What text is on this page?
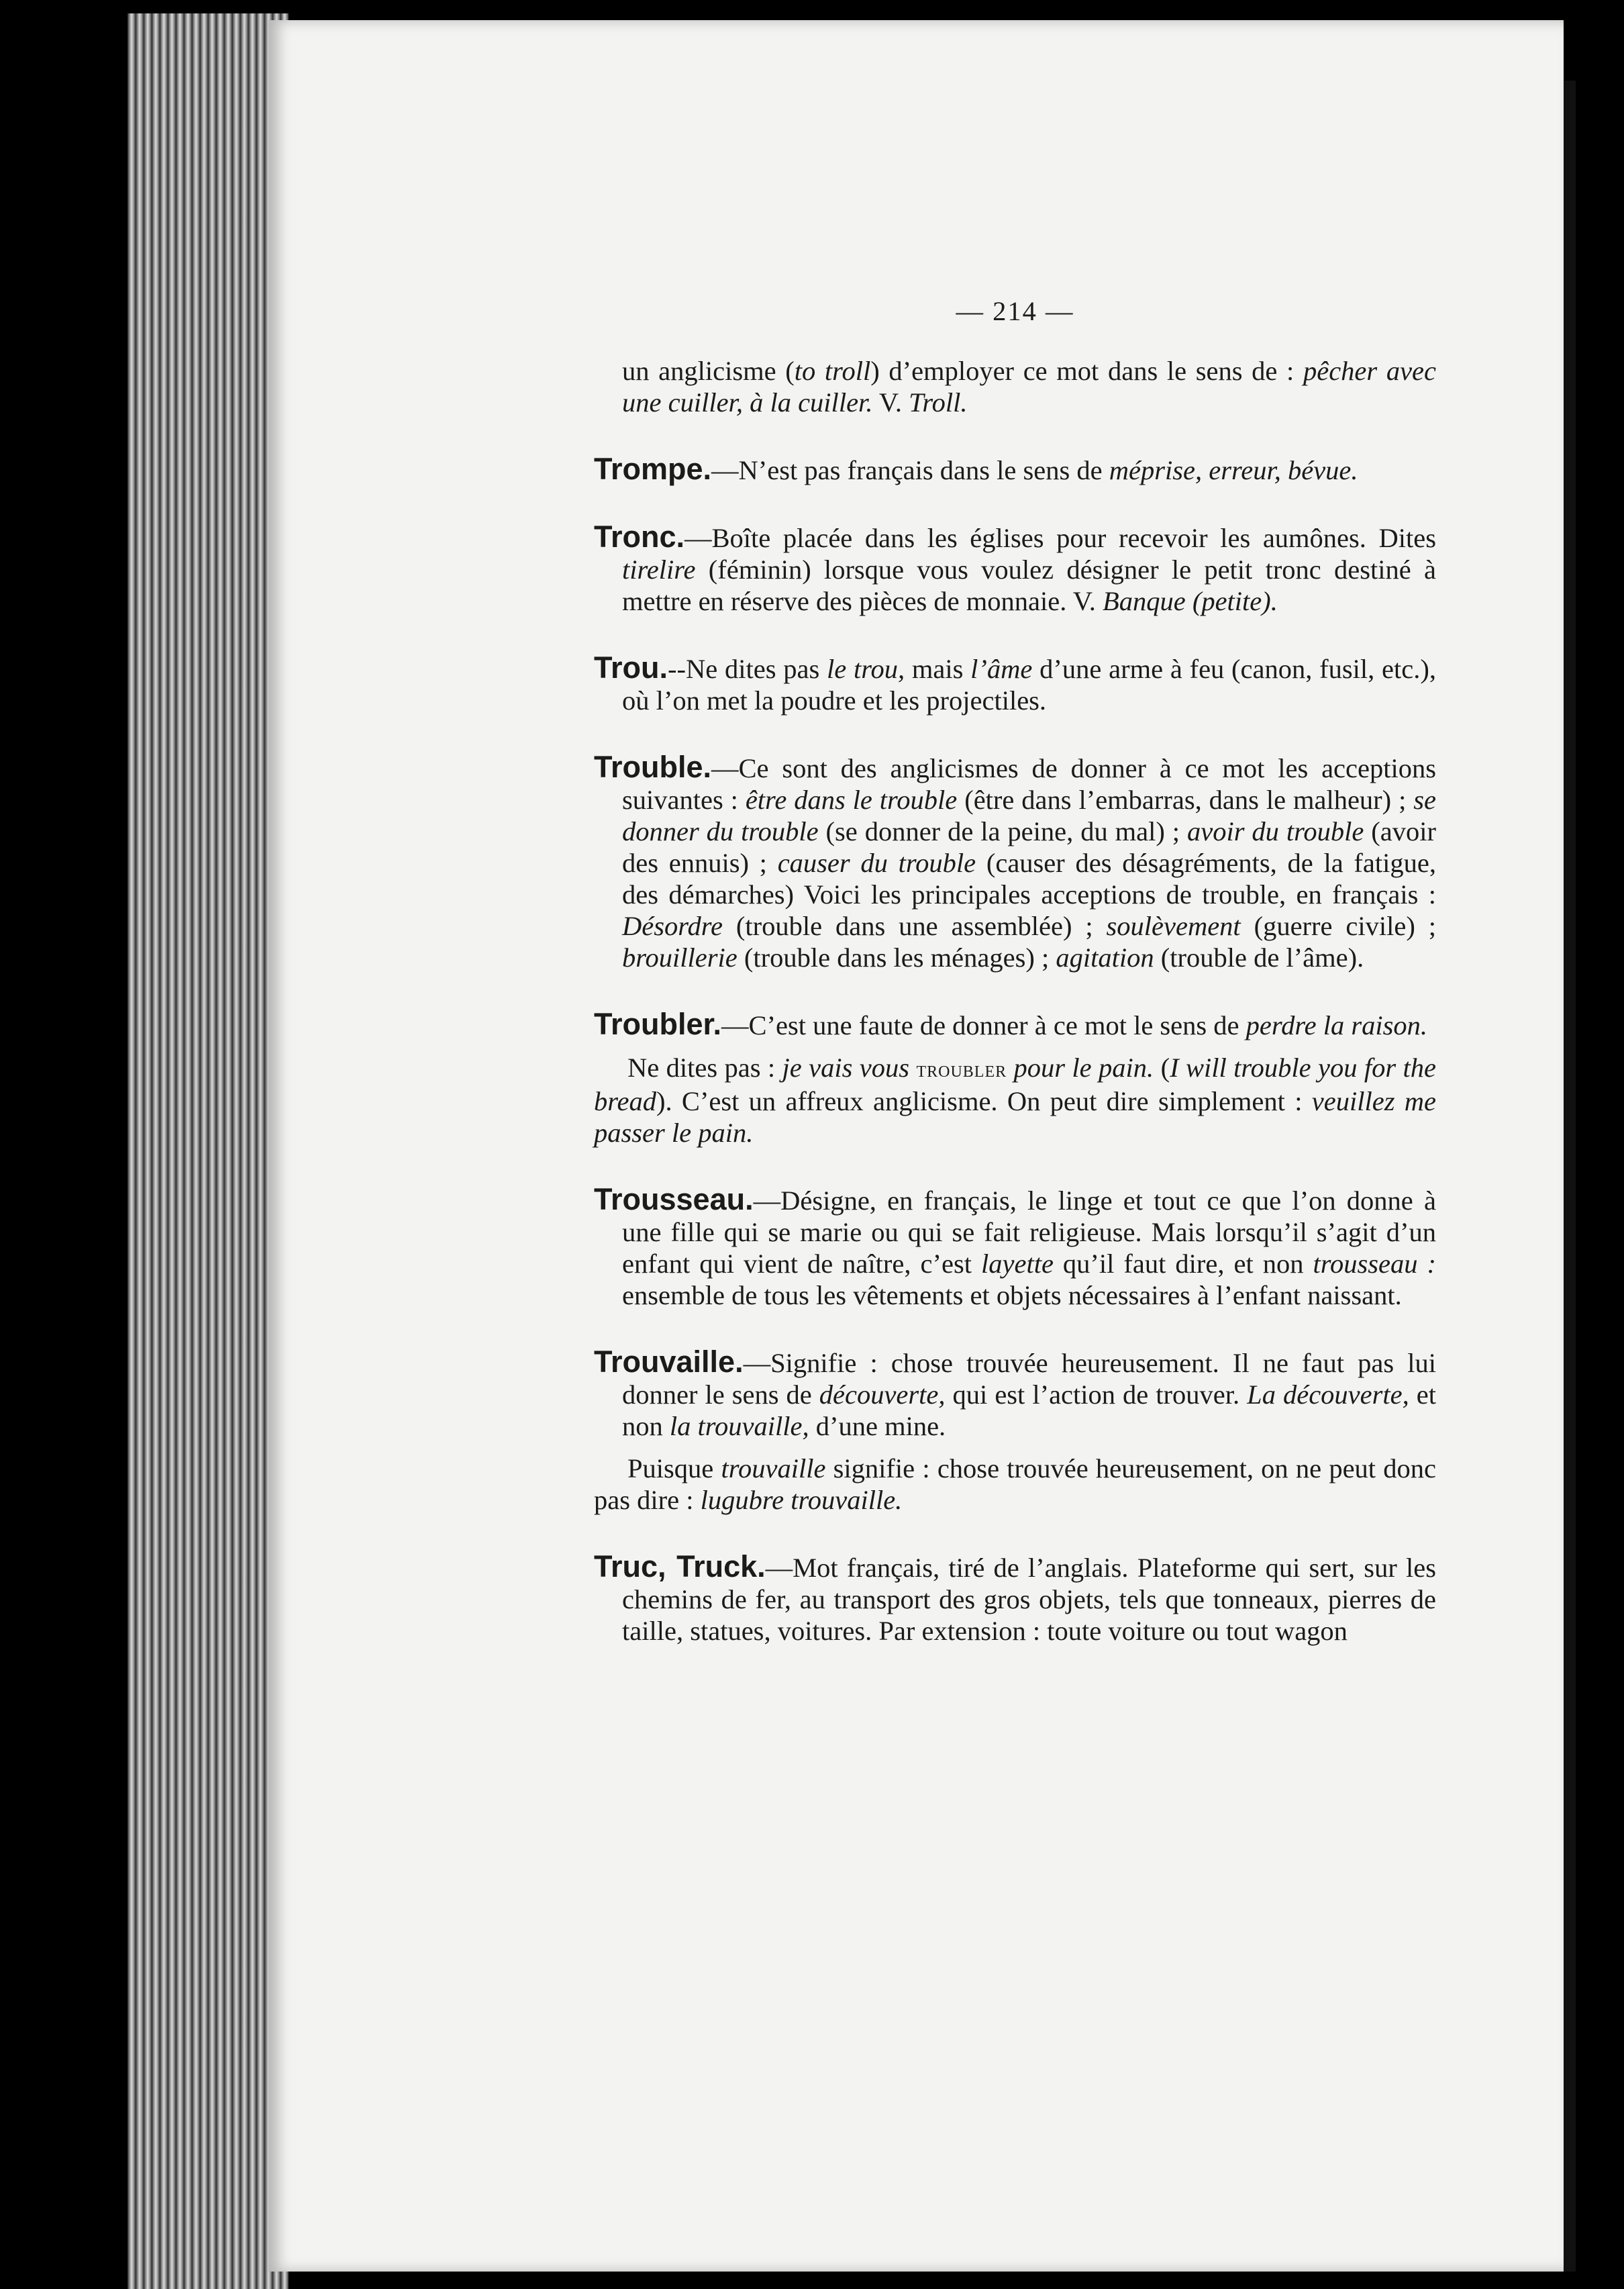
— 214 —

un anglicisme (to troll) d’employer ce mot dans le sens de : pêcher avec une cuiller, à la cuiller. V. Troll.

Trompe.—N’est pas français dans le sens de méprise, erreur, bévue.

Tronc.—Boîte placée dans les églises pour recevoir les aumônes. Dites tirelire (féminin) lorsque vous voulez désigner le petit tronc destiné à mettre en réserve des pièces de monnaie. V. Banque (petite).

Trou.--Ne dites pas le trou, mais l’âme d’une arme à feu (canon, fusil, etc.), où l’on met la poudre et les projectiles.

Trouble.—Ce sont des anglicismes de donner à ce mot les acceptions suivantes : être dans le trouble (être dans l’embarras, dans le malheur) ; se donner du trouble (se donner de la peine, du mal) ; avoir du trouble (avoir des ennuis) ; causer du trouble (causer des désagréments, de la fatigue, des démarches) Voici les principales acceptions de trouble, en français : Désordre (trouble dans une assemblée) ; soulèvement (guerre civile) ; brouillerie (trouble dans les ménages) ; agitation (trouble de l’âme).

Troubler.—C’est une faute de donner à ce mot le sens de perdre la raison.

Ne dites pas : je vais vous troubler pour le pain. (I will trouble you for the bread). C’est un affreux anglicisme. On peut dire simplement : veuillez me passer le pain.

Trousseau.—Désigne, en français, le linge et tout ce que l’on donne à une fille qui se marie ou qui se fait religieuse. Mais lorsqu’il s’agit d’un enfant qui vient de naître, c’est layette qu’il faut dire, et non trousseau : ensemble de tous les vêtements et objets nécessaires à l’enfant naissant.

Trouvaille.—Signifie : chose trouvée heureusement. Il ne faut pas lui donner le sens de découverte, qui est l’action de trouver. La découverte, et non la trouvaille, d’une mine.

Puisque trouvaille signifie : chose trouvée heureusement, on ne peut donc pas dire : lugubre trouvaille.

Truc, Truck.—Mot français, tiré de l’anglais. Plateforme qui sert, sur les chemins de fer, au transport des gros objets, tels que tonneaux, pierres de taille, statues, voitures. Par extension : toute voiture ou tout wagon
